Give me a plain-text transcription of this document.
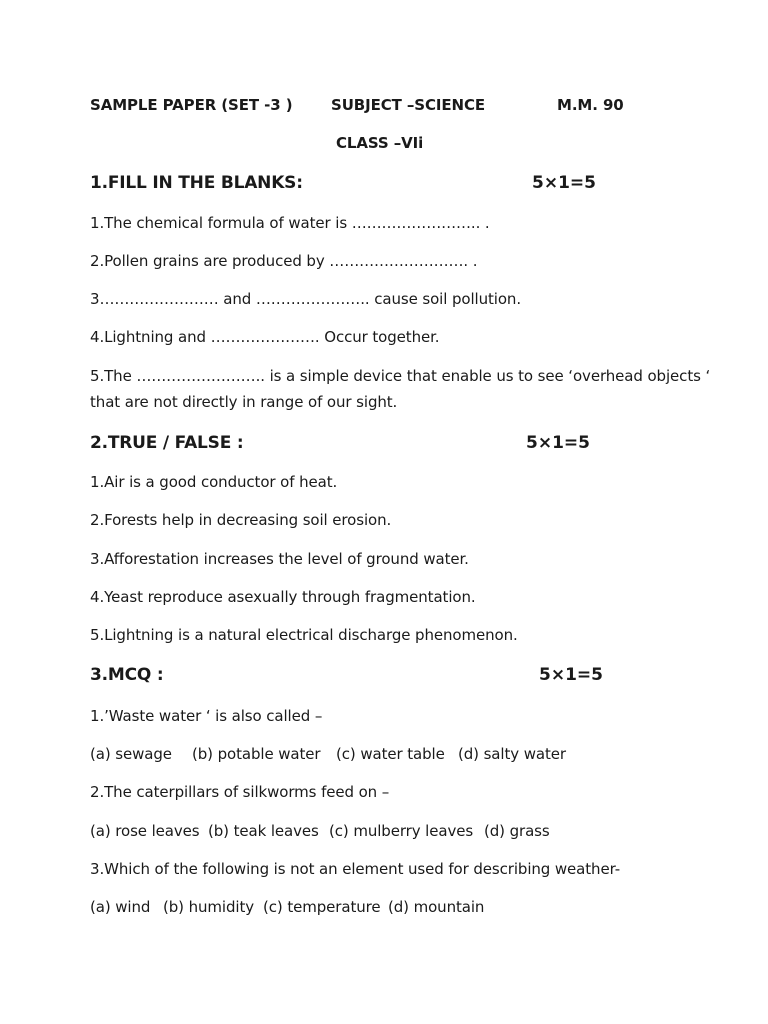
SAMPLE PAPER (SET -3 )	SUBJECT –SCIENCE	M.M. 90
CLASS –VIi
1.FILL IN THE BLANKS:	5×1=5
1.The chemical formula of water is …………………….. .
2.Pollen grains are produced by ………………………. .
3…………………… and ………………….. cause soil pollution.
4.Lightning and …………………. Occur together.
5.The …………………….. is a simple device that enable us to see ‘overhead objects ‘
that are not directly in range of our sight.
2.TRUE / FALSE :	5×1=5
1.Air is a good conductor of heat.
2.Forests help in decreasing soil erosion.
3.Afforestation increases the level of ground water.
4.Yeast reproduce asexually through fragmentation.
5.Lightning is a natural electrical discharge phenomenon.
3.MCQ :	5×1=5
1.’Waste water ‘ is also called –
(a) sewage (b) potable water (c) water table (d) salty water
2.The caterpillars of silkworms feed on –
(a) rose leaves (b) teak leaves (c) mulberry leaves (d) grass
3.Which of the following is not an element used for describing weather-
(a) wind (b) humidity (c) temperature (d) mountain
